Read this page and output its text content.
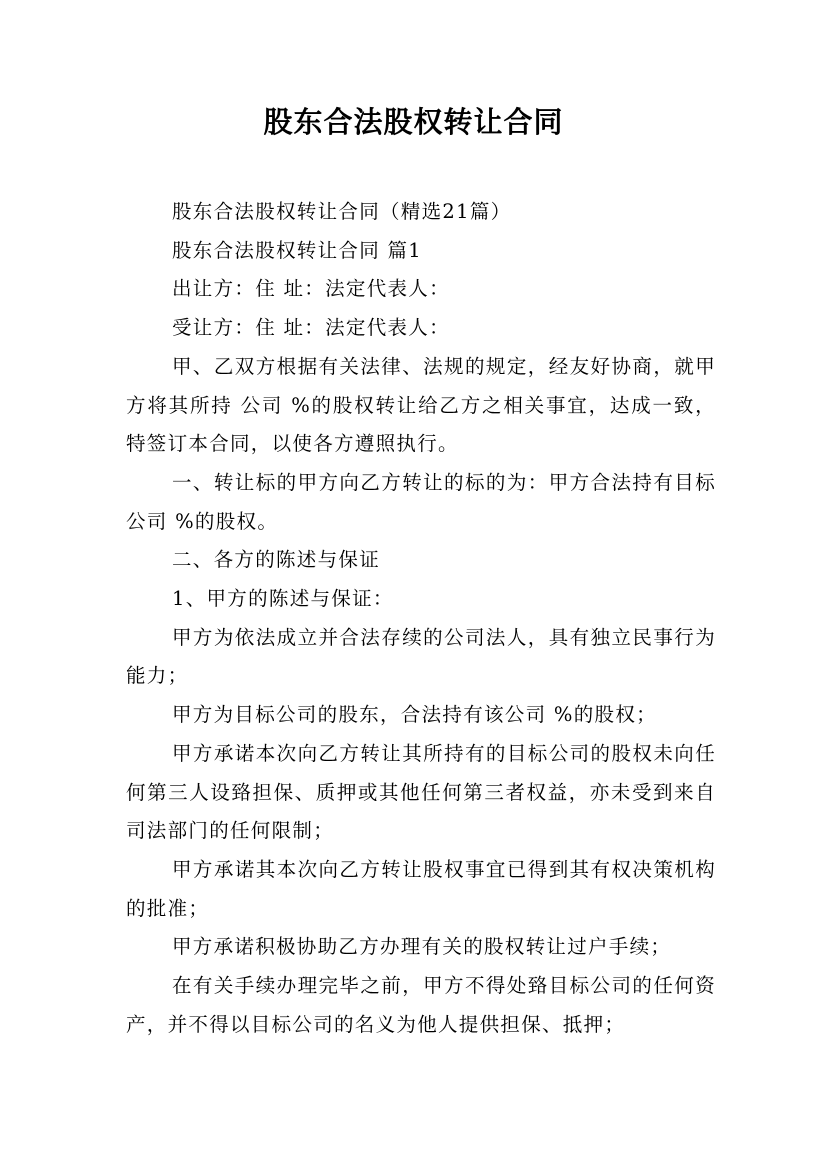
股东合法股权转让合同

股东合法股权转让合同（精选21篇）

股东合法股权转让合同 篇1

出让方：住 址：法定代表人：

受让方：住 址：法定代表人：

甲、乙双方根据有关法律、法规的规定，经友好协商，就甲方将其所持 公司 %的股权转让给乙方之相关事宜，达成一致，特签订本合同，以使各方遵照执行。

一、转让标的甲方向乙方转让的标的为：甲方合法持有目标公司 %的股权。

二、各方的陈述与保证

1、甲方的陈述与保证：

甲方为依法成立并合法存续的公司法人，具有独立民事行为能力；

甲方为目标公司的股东，合法持有该公司 %的股权；

甲方承诺本次向乙方转让其所持有的目标公司的股权未向任何第三人设臵担保、质押或其他任何第三者权益，亦未受到来自司法部门的任何限制；

甲方承诺其本次向乙方转让股权事宜已得到其有权决策机构的批准；

甲方承诺积极协助乙方办理有关的股权转让过户手续；

在有关手续办理完毕之前，甲方不得处臵目标公司的任何资产，并不得以目标公司的名义为他人提供担保、抵押；
